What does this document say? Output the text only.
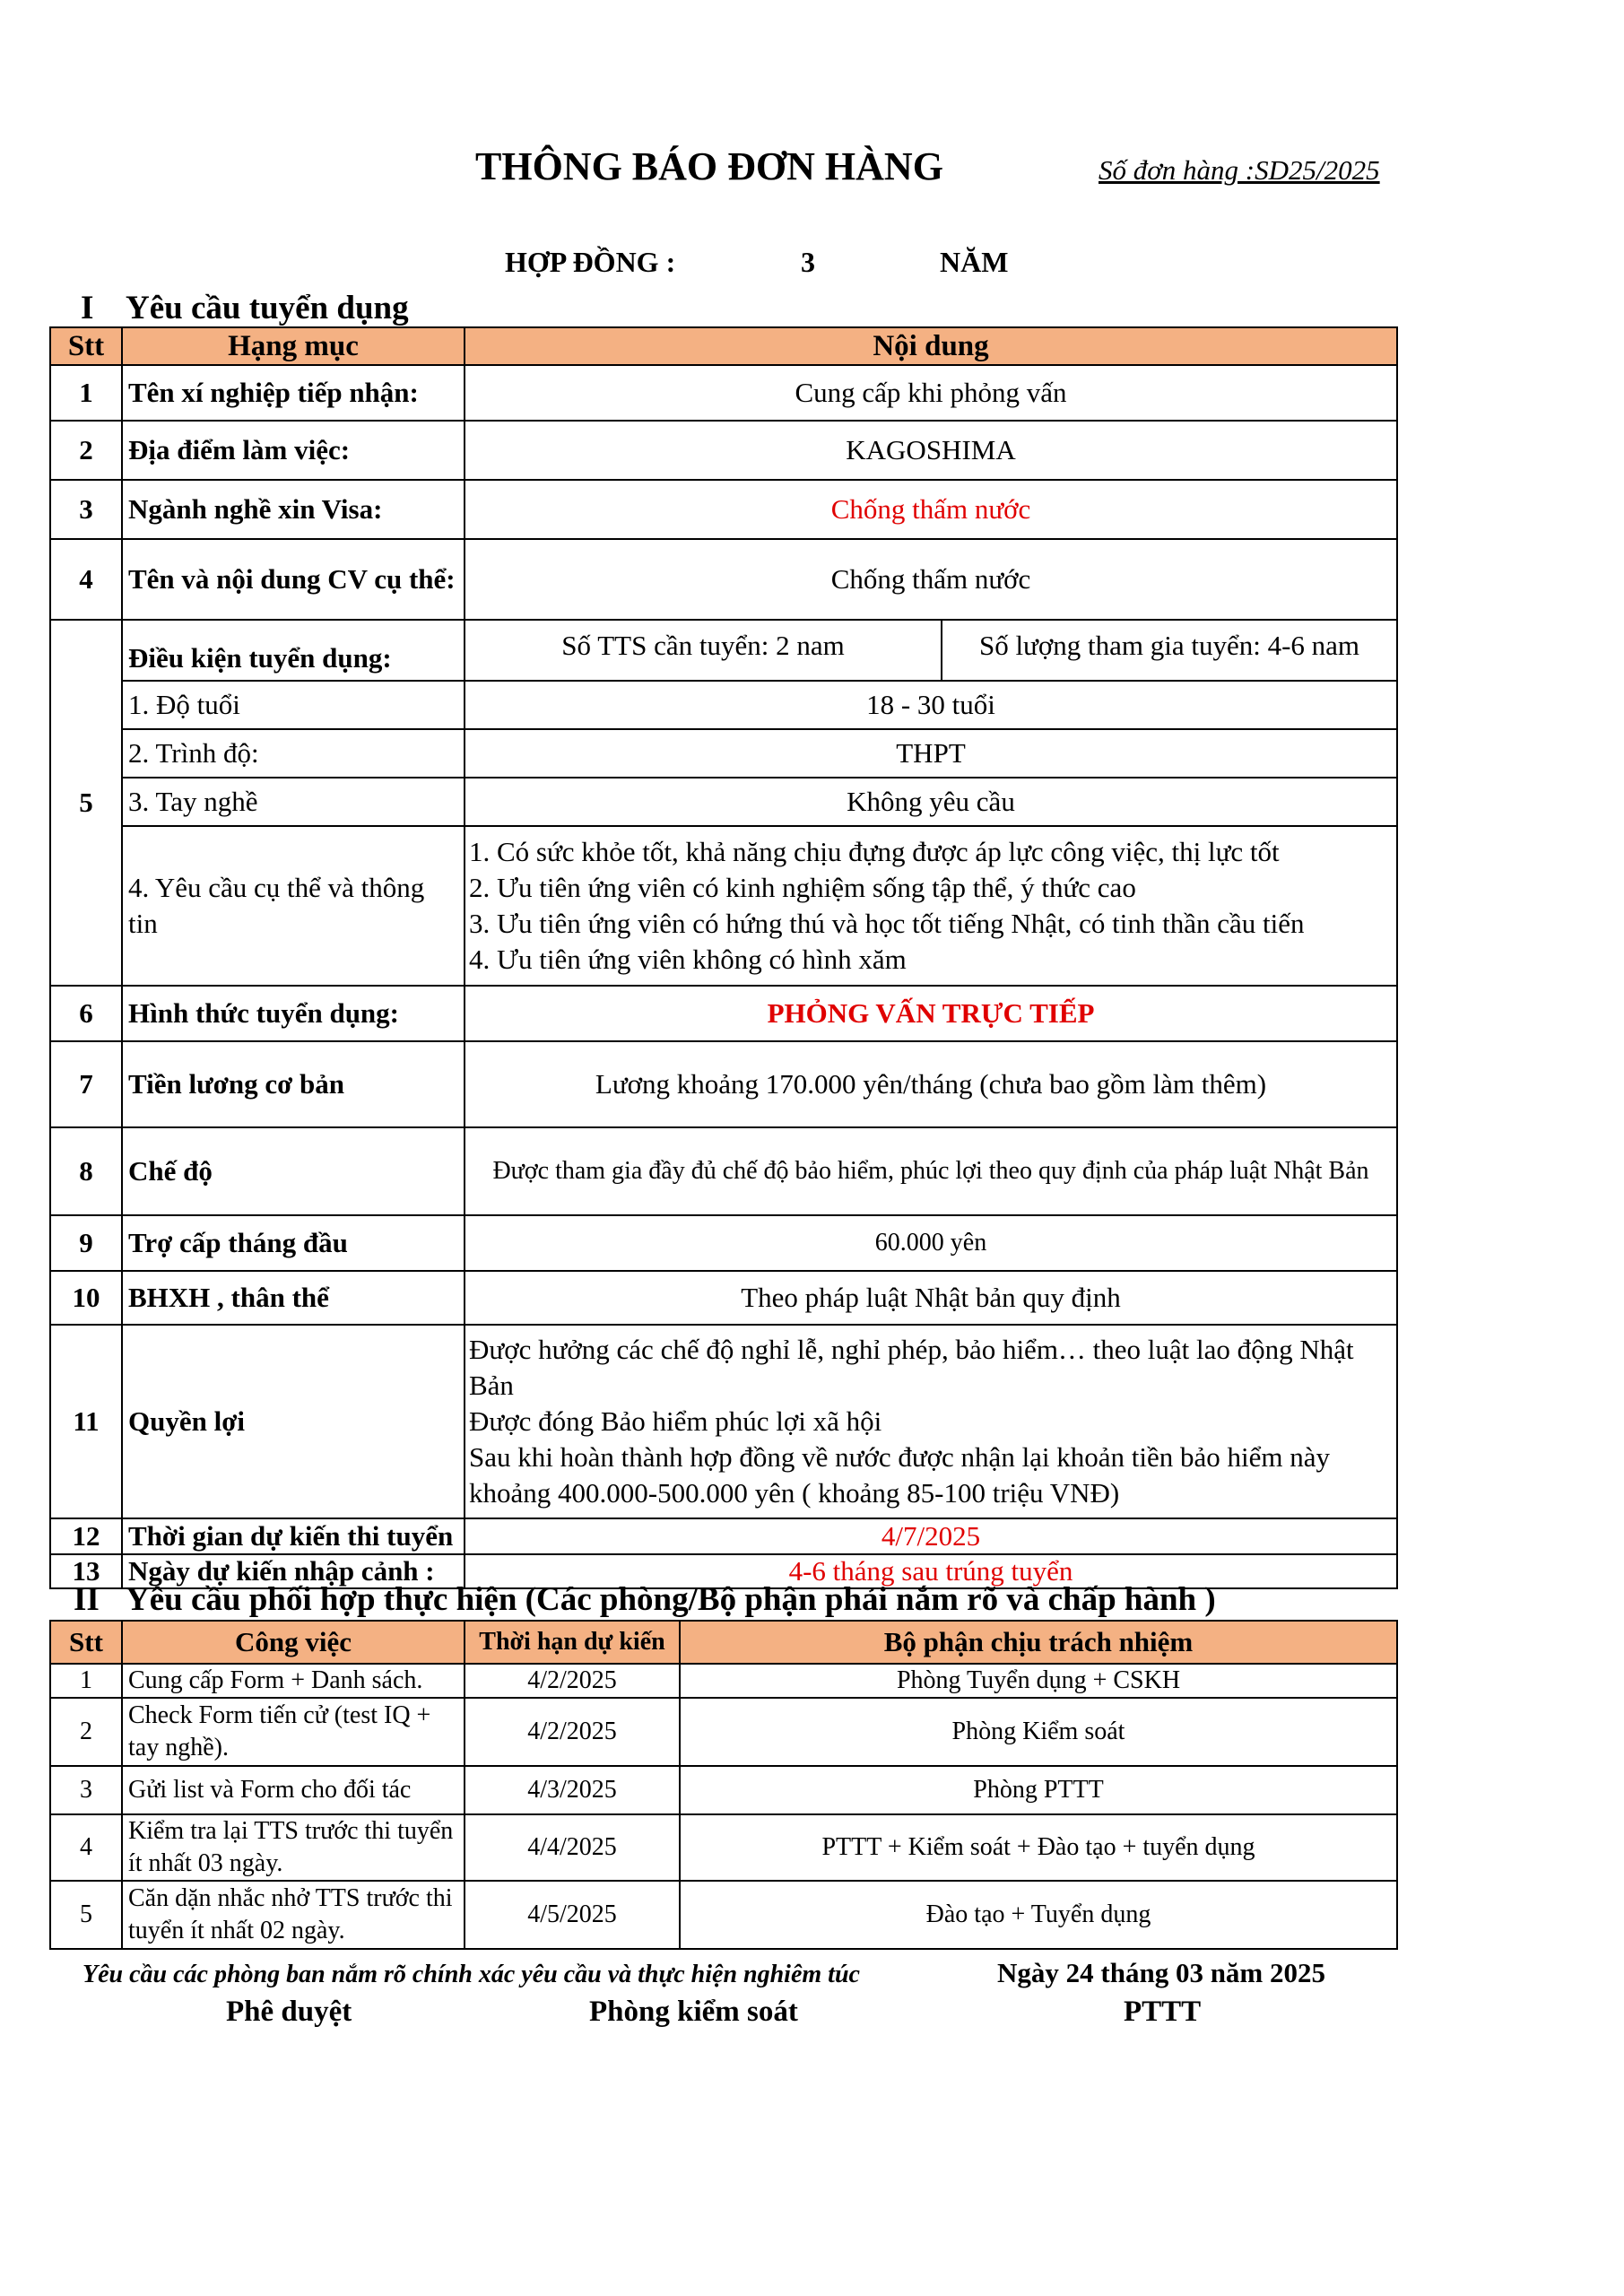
THÔNG BÁO ĐƠN HÀNG	Số đơn hàng :SD25/2025
HỢP ĐỒNG :	3	NĂM
I Yêu cầu tuyển dụng
Stt	Hạng mục	Nội dung	
1	Tên xí nghiệp tiếp nhận:	Cung cấp khi phỏng vấn	
2	Địa điểm làm việc:	KAGOSHIMA	
3	Ngành nghề xin Visa:	Chống thấm nước	
4	Tên và nội dung CV cụ thể:	Chống thấm nước	
5	Điều kiện tuyển dụng:	Số TTS cần tuyển: 2 nam	Số lượng tham gia tuyển: 4-6 nam
	1. Độ tuổi	18 - 30 tuổi	
	2. Trình độ:	THPT	
	3. Tay nghề	Không yêu cầu	
	4. Yêu cầu cụ thể và thông tin	1. Có sức khỏe tốt, khả năng chịu đựng được áp lực công việc, thị lực tốt
2. Ưu tiên ứng viên có kinh nghiệm sống tập thể, ý thức cao
3. Ưu tiên ứng viên có hứng thú và học tốt tiếng Nhật, có tinh thần cầu tiến
4. Ưu tiên ứng viên không có hình xăm	

6	Hình thức tuyển dụng:	PHỎNG VẤN TRỰC TIẾP	
7	Tiền lương cơ bản	Lương khoảng 170.000 yên/tháng (chưa bao gồm làm thêm)	
8	Chế độ	Được tham gia đầy đủ chế độ bảo hiểm, phúc lợi theo quy định của pháp luật Nhật Bản	
9	Trợ cấp tháng đầu	60.000 yên	
10	BHXH , thân thể	Theo pháp luật Nhật bản quy định	
11	Quyền lợi	Được hưởng các chế độ nghỉ lễ, nghỉ phép, bảo hiểm… theo luật lao động Nhật Bản
Được đóng Bảo hiểm phúc lợi xã hội
Sau khi hoàn thành hợp đồng về nước được nhận lại khoản tiền bảo hiểm này khoảng 400.000-500.000 yên ( khoảng 85-100 triệu VNĐ)	

12	Thời gian dự kiến thi tuyển	4/7/2025	
13	Ngày dự kiến nhập cảnh :	4-6 tháng sau trúng tuyển	
II Yêu cầu phối hợp thực hiện (Các phòng/Bộ phận phải nắm rõ và chấp hành )
Stt	Công việc	Thời hạn dự kiến	Bộ phận chịu trách nhiệm
1	Cung cấp Form + Danh sách.	4/2/2025	Phòng Tuyển dụng + CSKH
2	Check Form tiến cử (test IQ + tay nghề).	4/2/2025	Phòng Kiểm soát
3	Gửi list và Form cho đối tác	4/3/2025	Phòng PTTT
4	Kiểm tra lại TTS trước thi tuyển ít nhất 03 ngày.	4/4/2025	PTTT + Kiểm soát + Đào tạo + tuyển dụng
5	Căn dặn nhắc nhở TTS trước thi tuyển ít nhất 02 ngày.	4/5/2025	Đào tạo + Tuyển dụng
Yêu cầu các phòng ban nắm rõ chính xác yêu cầu và thực hiện nghiêm túc	Ngày 24 tháng 03 năm 2025
Phê duyệt	Phòng kiểm soát	PTTT
